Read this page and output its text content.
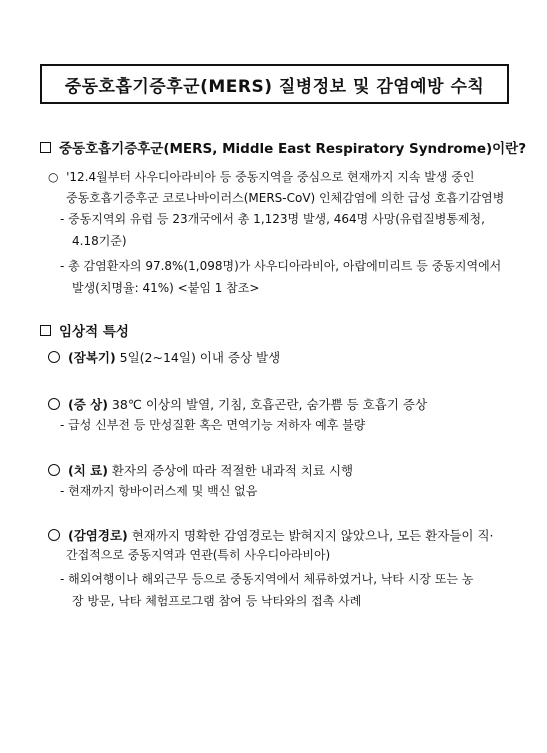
중동호흡기증후군(MERS) 질병정보 및 감염예방 수칙
중동호흡기증후군(MERS, Middle East Respiratory Syndrome)이란?
○ '12.4월부터 사우디아라비아 등 중동지역을 중심으로 현재까지 지속 발생 중인
중동호흡기증후군 코로나바이러스(MERS-CoV) 인체감염에 의한 급성 호흡기감염병
- 중동지역외 유럽 등 23개국에서 총 1,123명 발생, 464명 사망(유럽질병통제청,
4.18기준)
- 총 감염환자의 97.8%(1,098명)가 사우디아라비아, 아랍에미리트 등 중동지역에서
발생(치명율: 41%) <붙임 1 참조>
임상적 특성
(잠복기) 5일(2~14일) 이내 증상 발생
(증 상) 38℃ 이상의 발열, 기침, 호흡곤란, 숨가쁨 등 호흡기 증상
- 급성 신부전 등 만성질환 혹은 면역기능 저하자 예후 불량
(치 료) 환자의 증상에 따라 적절한 내과적 치료 시행
- 현재까지 항바이러스제 및 백신 없음
(감염경로) 현재까지 명확한 감염경로는 밝혀지지 않았으나, 모든 환자들이 직·
간접적으로 중동지역과 연관(특히 사우디아라비아)
- 해외여행이나 해외근무 등으로 중동지역에서 체류하였거나, 낙타 시장 또는 농
장 방문, 낙타 체험프로그램 참여 등 낙타와의 접촉 사례
